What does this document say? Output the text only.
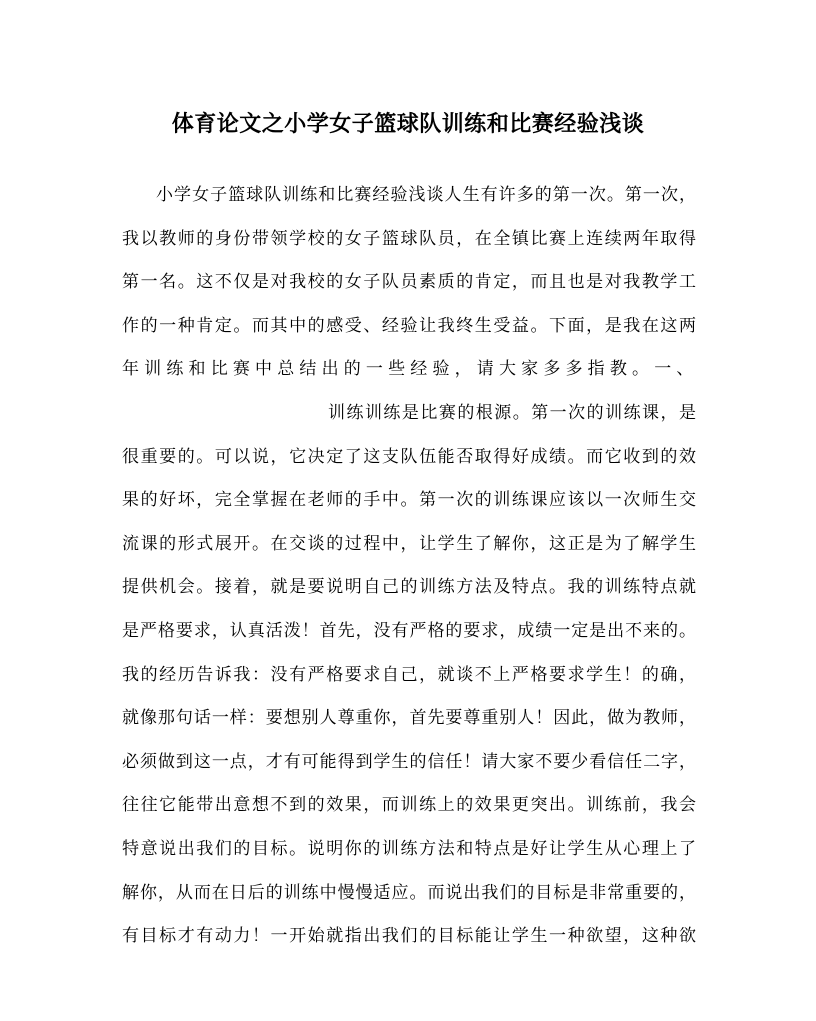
体育论文之小学女子篮球队训练和比赛经验浅谈
小学女子篮球队训练和比赛经验浅谈人生有许多的第一次。第一次，
我以教师的身份带领学校的女子篮球队员，在全镇比赛上连续两年取得
第一名。这不仅是对我校的女子队员素质的肯定，而且也是对我教学工
作的一种肯定。而其中的感受、经验让我终生受益。下面，是我在这两
年训练和比赛中总结出的一些经验，请大家多多指教。一、
训练训练是比赛的根源。第一次的训练课，是
很重要的。可以说，它决定了这支队伍能否取得好成绩。而它收到的效
果的好坏，完全掌握在老师的手中。第一次的训练课应该以一次师生交
流课的形式展开。在交谈的过程中，让学生了解你，这正是为了解学生
提供机会。接着，就是要说明自己的训练方法及特点。我的训练特点就
是严格要求，认真活泼！首先，没有严格的要求，成绩一定是出不来的。
我的经历告诉我：没有严格要求自己，就谈不上严格要求学生！的确，
就像那句话一样：要想别人尊重你，首先要尊重别人！因此，做为教师，
必须做到这一点，才有可能得到学生的信任！请大家不要少看信任二字，
往往它能带出意想不到的效果，而训练上的效果更突出。训练前，我会
特意说出我们的目标。说明你的训练方法和特点是好让学生从心理上了
解你，从而在日后的训练中慢慢适应。而说出我们的目标是非常重要的，
有目标才有动力！一开始就指出我们的目标能让学生一种欲望，这种欲
